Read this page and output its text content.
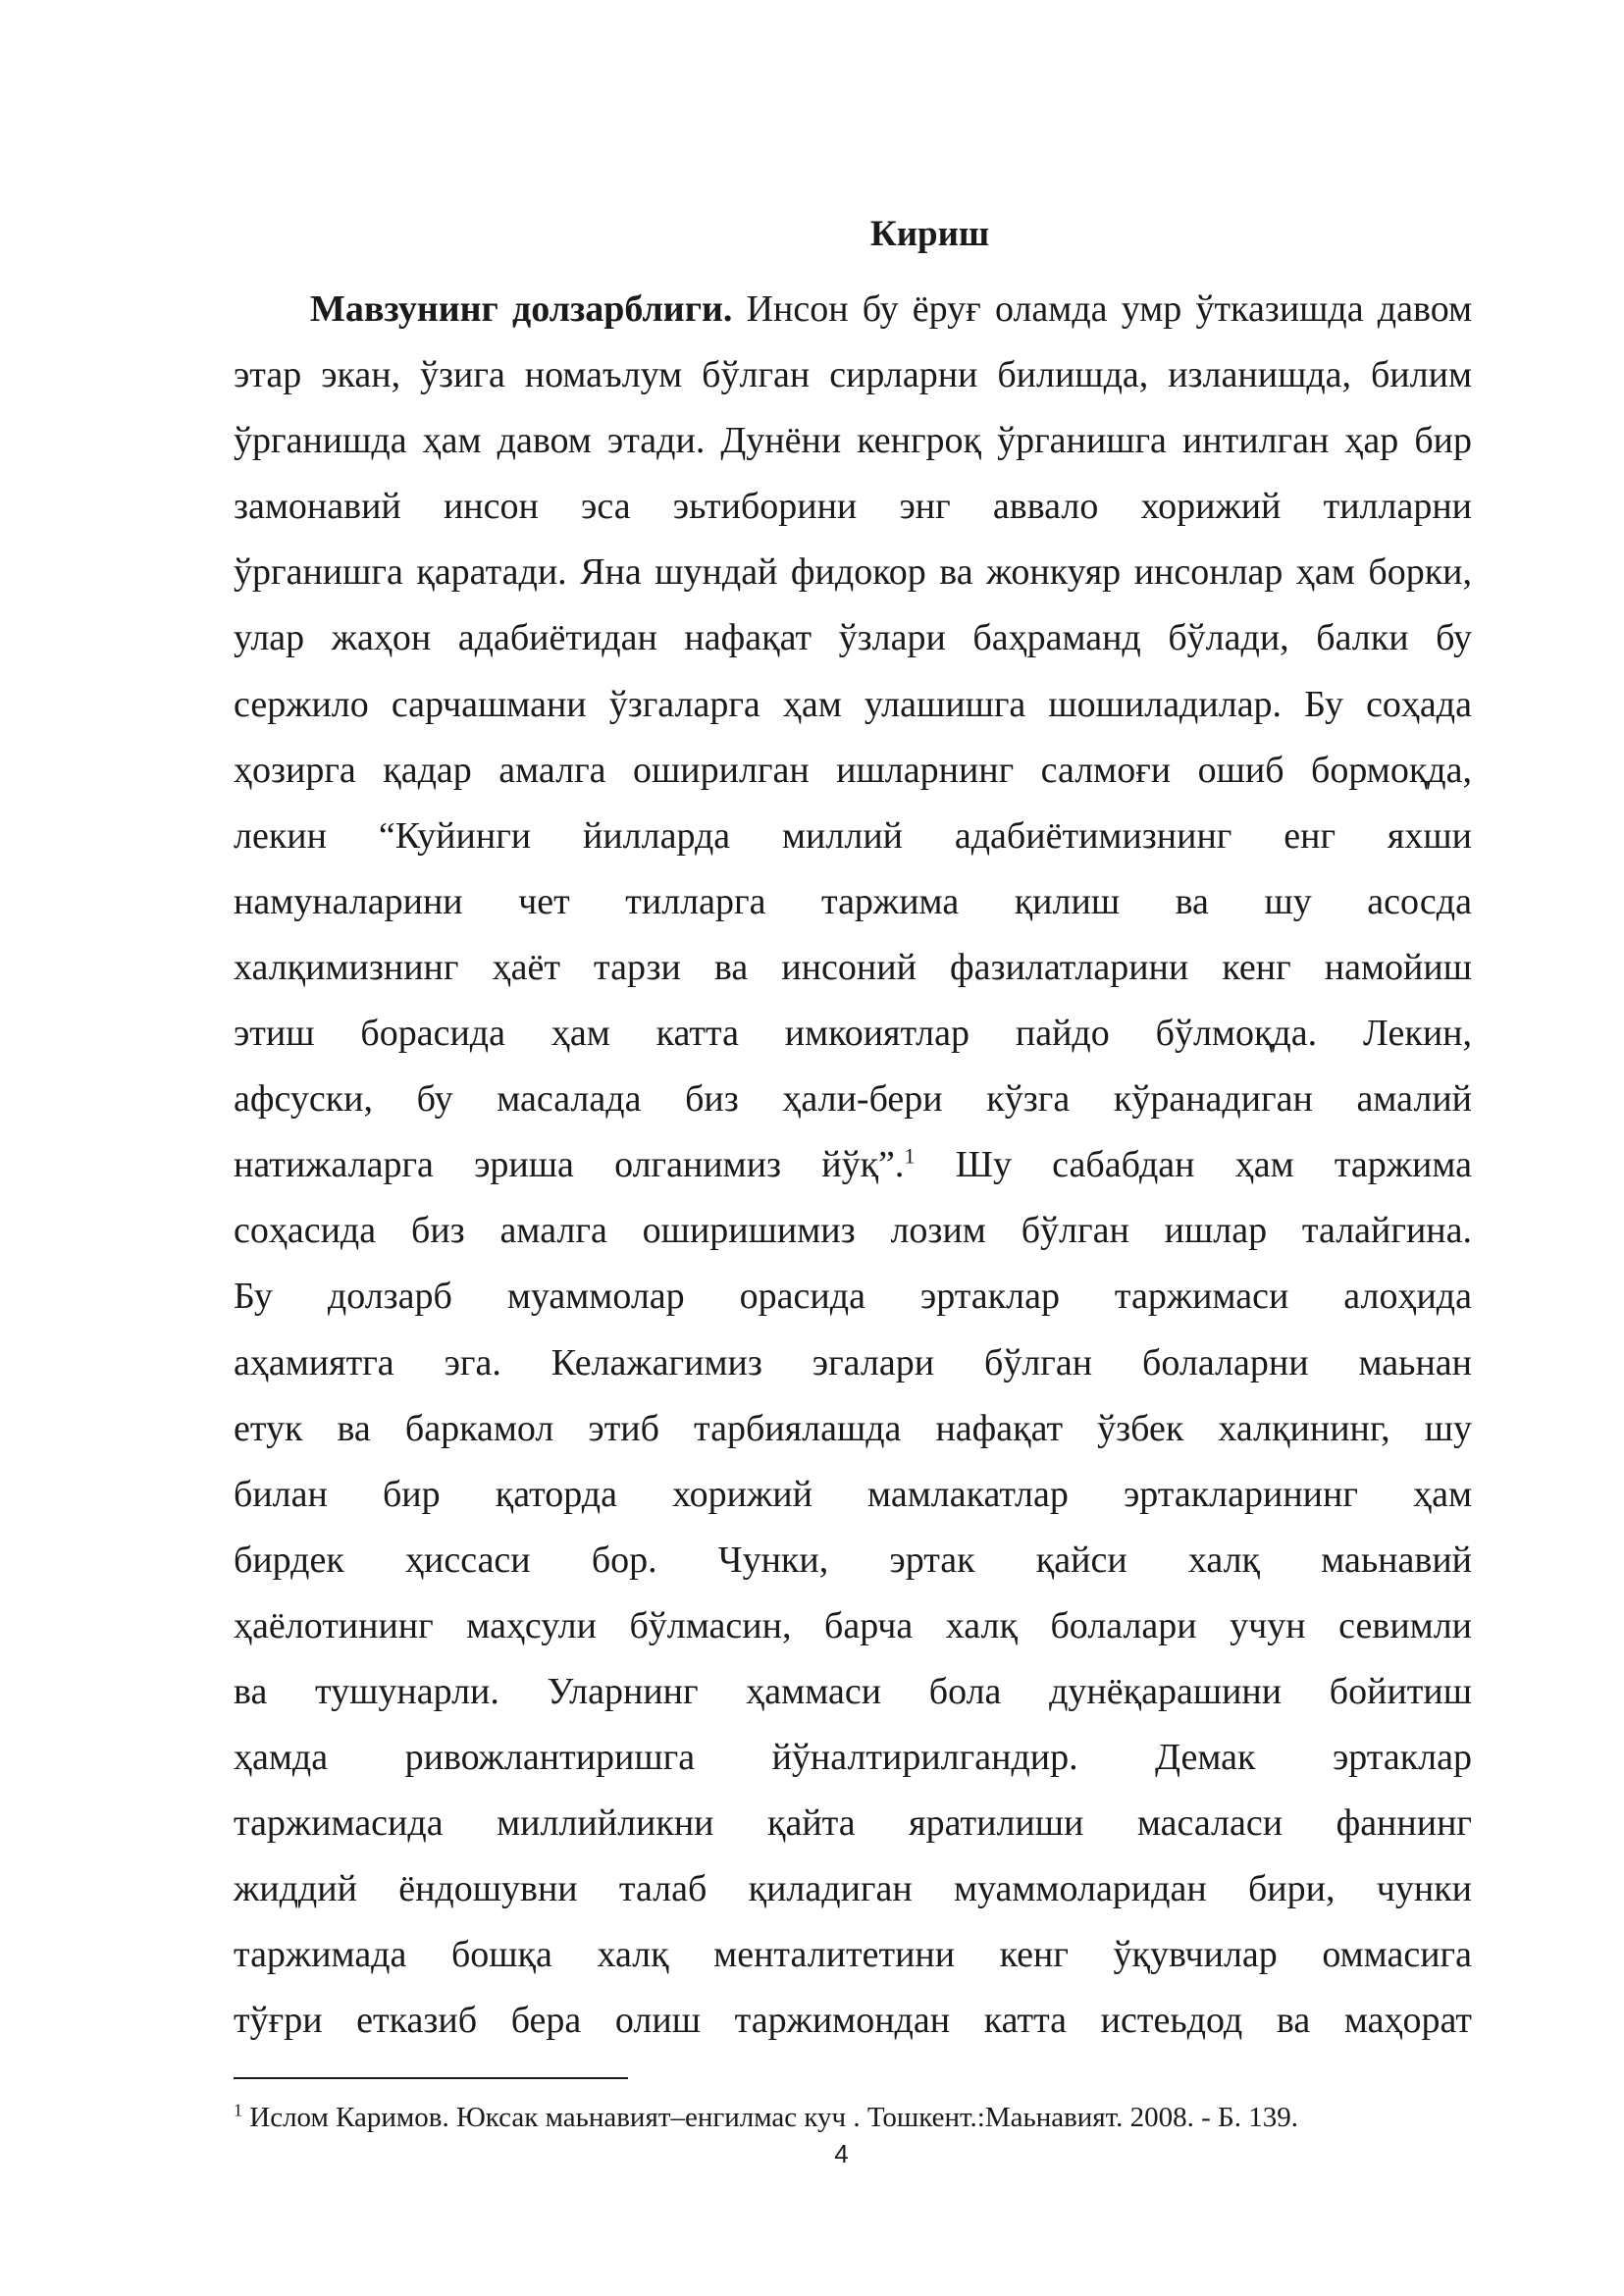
Кириш
Мавзунинг долзарблиги. Инсон бу ёруғ оламда умр ўтказишда давом
этар экан, ўзига номаълум бўлган сирларни билишда, изланишда, билим
ўрганишда ҳам давом этади. Дунёни кенгроқ ўрганишга интилган ҳар бир
замонавий инсон эса эьтиборини энг аввало хорижий тилларни
ўрганишга қаратади. Яна шундай фидокор ва жонкуяр инсонлар ҳам борки,
улар жаҳон адабиётидан нафақат ўзлари баҳраманд бўлади, балки бу
сержило сарчашмани ўзгаларга ҳам улашишга шошиладилар. Бу соҳада
ҳозирга қадар амалга оширилган ишларнинг салмоғи ошиб бормоқда,
лекин “Куйинги йилларда миллий адабиётимизнинг енг яхши
намуналарини чет тилларга таржима қилиш ва шу асосда
халқимизнинг ҳаёт тарзи ва инсоний фазилатларини кенг намойиш
этиш борасида ҳам катта имкоиятлар пайдо бўлмоқда. Лекин,
афсуски, бу масалада биз ҳали-бери кўзга кўранадиган амалий
натижаларга эриша олганимиз йўқ”.$^1$ Шу сабабдан ҳам таржима
соҳасида биз амалга оширишимиз лозим бўлган ишлар талайгина.
Бу долзарб муаммолар орасида эртаклар таржимаси алоҳида
аҳамиятга эга. Келажагимиз эгалари бўлган болаларни маьнан
етук ва баркамол этиб тарбиялашда нафақат ўзбек халқининг, шу
билан бир қаторда хорижий мамлакатлар эртакларининг ҳам
бирдек ҳиссаси бор. Чунки, эртак қайси халқ маьнавий
ҳаёлотининг маҳсули бўлмасин, барча халқ болалари учун севимли
ва тушунарли. Уларнинг ҳаммаси бола дунёқарашини бойитиш
ҳамда ривожлантиришга йўналтирилгандир. Демак эртаклар
таржимасида миллийликни қайта яратилиши масаласи фаннинг
жиддий ёндошувни талаб қиладиган муаммоларидан бири, чунки
таржимада бошқа халқ менталитетини кенг ўқувчилар оммасига
тўғри етказиб бера олиш таржимондан катта истеьдод ва маҳорат
$^1$ Ислом Каримов. Юксак маьнавият–енгилмас куч . Тошкент.:Маьнавият. 2008. - Б. 139.
4
